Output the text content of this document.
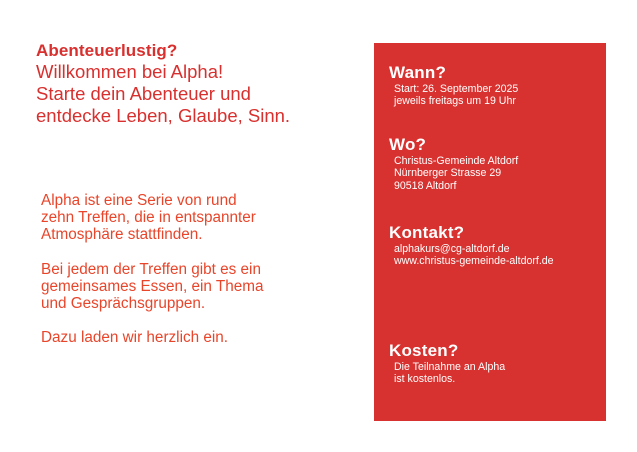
Abenteuerlustig?
Willkommen bei Alpha!
Starte dein Abenteuer und
entdecke Leben, Glaube, Sinn.

Alpha ist eine Serie von rund
zehn Treffen, die in entspannter
Atmosphäre stattfinden.

Bei jedem der Treffen gibt es ein
gemeinsames Essen, ein Thema
und Gesprächsgruppen.

Dazu laden wir herzlich ein.

Wann?
Start: 26. September 2025
jeweils freitags um 19 Uhr
Wo?
Christus-Gemeinde Altdorf
Nürnberger Strasse 29
90518 Altdorf
Kontakt?
alphakurs@cg-altdorf.de
www.christus-gemeinde-altdorf.de
Kosten?
Die Teilnahme an Alpha
ist kostenlos.
